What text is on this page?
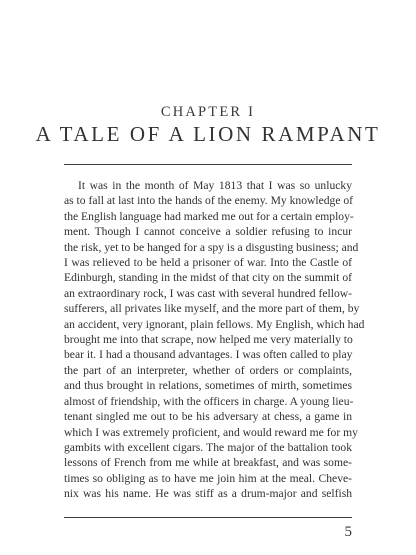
CHAPTER I
A TALE OF A LION RAMPANT
It was in the month of May 1813 that I was so unlucky
as to fall at last into the hands of the enemy. My knowledge of
the English language had marked me out for a certain employ-
ment. Though I cannot conceive a soldier refusing to incur
the risk, yet to be hanged for a spy is a disgusting business; and
I was relieved to be held a prisoner of war. Into the Castle of
Edinburgh, standing in the midst of that city on the summit of
an extraordinary rock, I was cast with several hundred fellow-
sufferers, all privates like myself, and the more part of them, by
an accident, very ignorant, plain fellows. My English, which had
brought me into that scrape, now helped me very materially to
bear it. I had a thousand advantages. I was often called to play
the part of an interpreter, whether of orders or complaints,
and thus brought in relations, sometimes of mirth, sometimes
almost of friendship, with the officers in charge. A young lieu-
tenant singled me out to be his adversary at chess, a game in
which I was extremely proficient, and would reward me for my
gambits with excellent cigars. The major of the battalion took
lessons of French from me while at breakfast, and was some-
times so obliging as to have me join him at the meal. Cheve-
nix was his name. He was stiff as a drum-major and selfish
5
